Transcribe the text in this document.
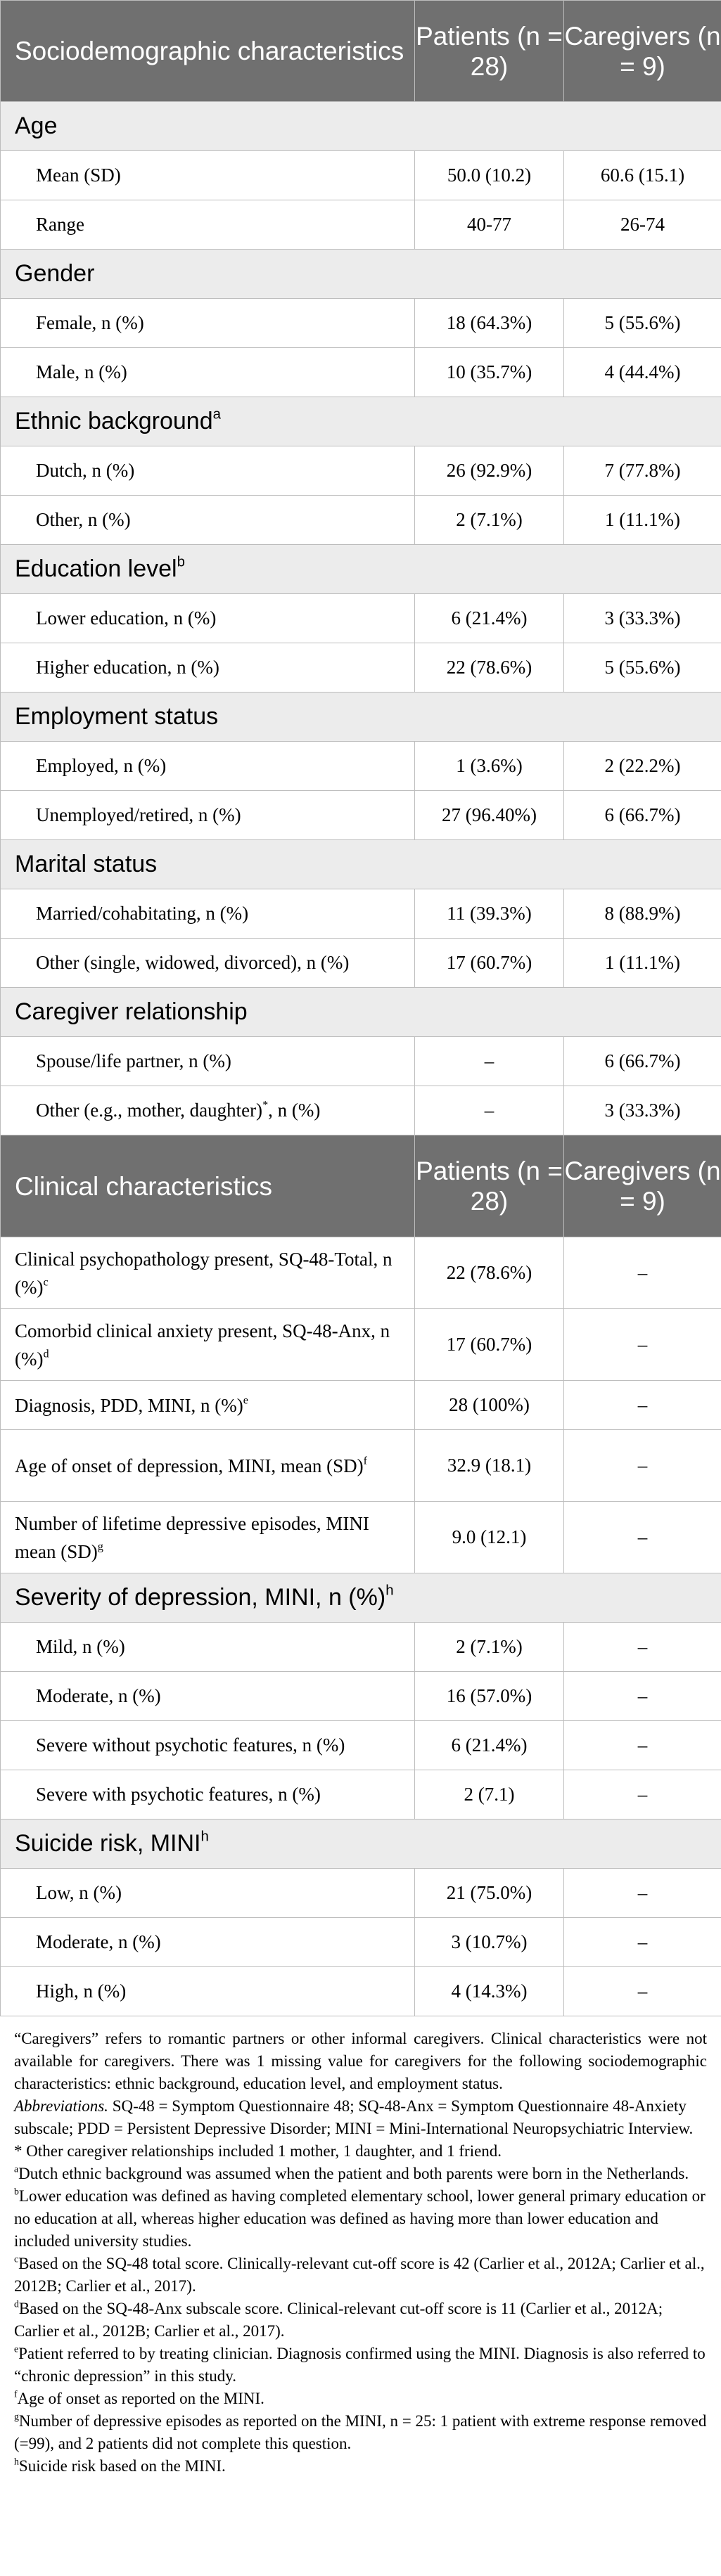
Sociodemographic characteristics	Patients (n = 28)	Caregivers (n = 9)
Age		
Mean (SD)	50.0 (10.2)	60.6 (15.1)
Range	40-77	26-74
Gender		
Female, n (%)	18 (64.3%)	5 (55.6%)
Male, n (%)	10 (35.7%)	4 (44.4%)
Ethnic background$^a$
Dutch, n (%)	26 (92.9%)	7 (77.8%)
Other, n (%)	2 (7.1%)	1 (11.1%)
Education level$^b$
Lower education, n (%)	6 (21.4%)	3 (33.3%)
Higher education, n (%)	22 (78.6%)	5 (55.6%)
Employment status		
Employed, n (%)	1 (3.6%)	2 (22.2%)
Unemployed/retired, n (%)	27 (96.40%)	6 (66.7%)
Marital status		
Married/cohabitating, n (%)	11 (39.3%)	8 (88.9%)
Other (single, widowed, divorced), n (%)	17 (60.7%)	1 (11.1%)
Caregiver relationship		
Spouse/life partner, n (%)	–	6 (66.7%)
Other (e.g., mother, daughter)*, n (%)	–	3 (33.3%)
Clinical characteristics	Patients (n = 28)	Caregivers (n = 9)
Clinical psychopathology present, SQ-48-Total, n (%)$^c$	22 (78.6%)	–
Comorbid clinical anxiety present, SQ-48-Anx, n (%)$^d$	17 (60.7%)	–
Diagnosis, PDD, MINI, n (%)$^e$	28 (100%)	–
Age of onset of depression, MINI, mean (SD)$^f$	32.9 (18.1)	–
Number of lifetime depressive episodes, MINI mean (SD)$^g$	9.0 (12.1)	–
Severity of depression, MINI, n (%)$^h$
Mild, n (%)	2 (7.1%)	–
Moderate, n (%)	16 (57.0%)	–
Severe without psychotic features, n (%)	6 (21.4%)	–
Severe with psychotic features, n (%)	2 (7.1)	–
Suicide risk, MINI$^h$
Low, n (%)	21 (75.0%)	–
Moderate, n (%)	3 (10.7%)	–
High, n (%)	4 (14.3%)	–

“Caregivers” refers to romantic partners or other informal caregivers. Clinical characteristics were not available for caregivers. There was 1 missing value for caregivers for the following sociodemographic characteristics: ethnic background, education level, and employment status.

Abbreviations. SQ-48 = Symptom Questionnaire 48; SQ-48-Anx = Symptom Questionnaire 48-Anxiety subscale; PDD = Persistent Depressive Disorder; MINI = Mini-International Neuropsychiatric Interview.

* Other caregiver relationships included 1 mother, 1 daughter, and 1 friend.

$^a$Dutch ethnic background was assumed when the patient and both parents were born in the Netherlands.

$^b$Lower education was defined as having completed elementary school, lower general primary education or no education at all, whereas higher education was defined as having more than lower education and included university studies.

$^c$Based on the SQ-48 total score. Clinically-relevant cut-off score is 42 (Carlier et al., 2012A; Carlier et al., 2012B; Carlier et al., 2017).

$^d$Based on the SQ-48-Anx subscale score. Clinical-relevant cut-off score is 11 (Carlier et al., 2012A; Carlier et al., 2012B; Carlier et al., 2017).

$^e$Patient referred to by treating clinician. Diagnosis confirmed using the MINI. Diagnosis is also referred to “chronic depression” in this study.

$^f$Age of onset as reported on the MINI.

$^g$Number of depressive episodes as reported on the MINI, n = 25: 1 patient with extreme response removed (=99), and 2 patients did not complete this question.

$^h$Suicide risk based on the MINI.
